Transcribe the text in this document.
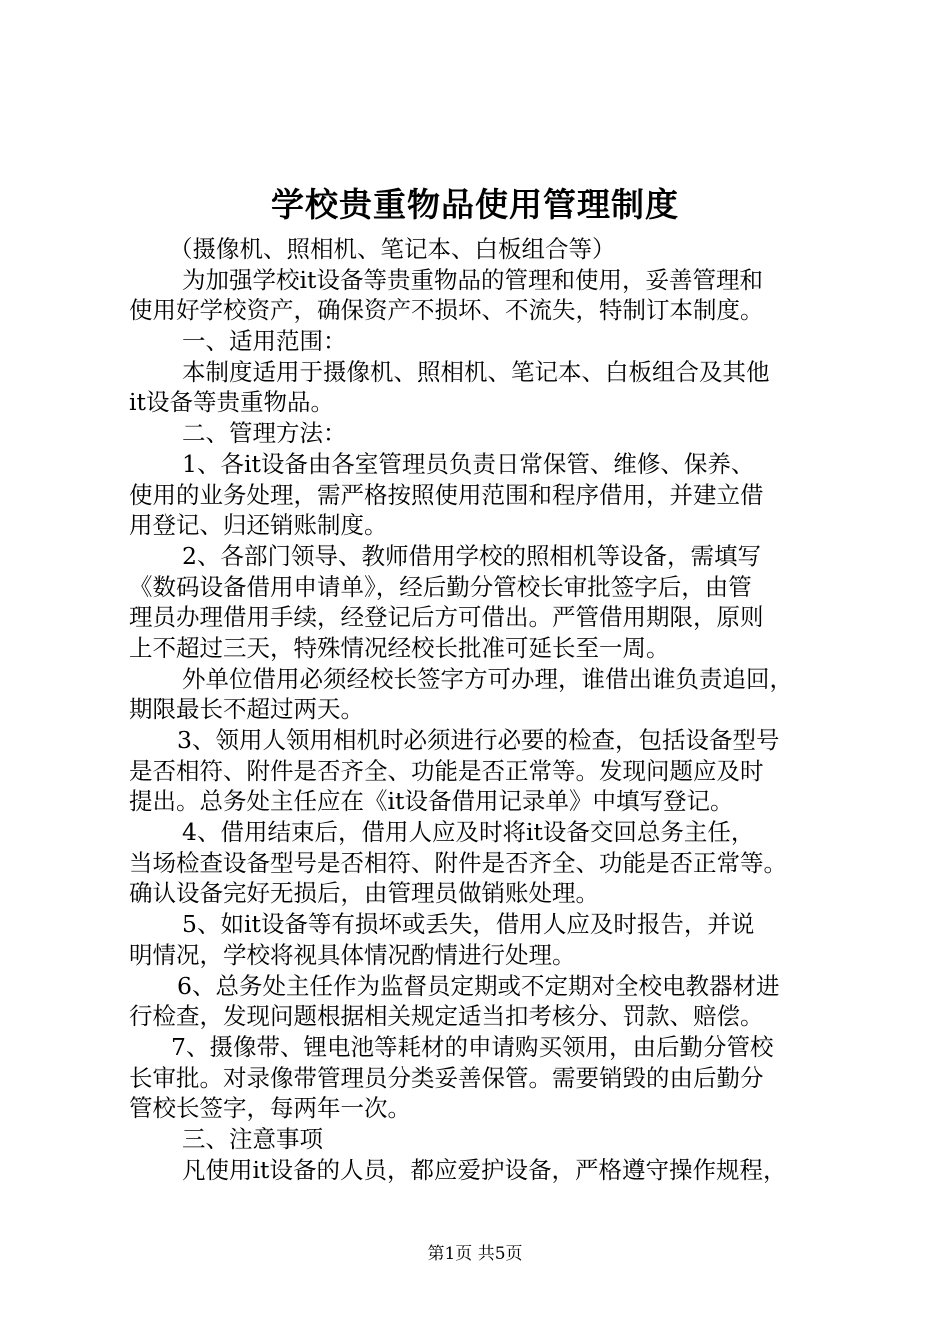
学校贵重物品使用管理制度
（摄像机、照相机、笔记本、白板组合等）
为加强学校it设备等贵重物品的管理和使用，妥善管理和
使用好学校资产，确保资产不损坏、不流失，特制订本制度。
一、适用范围：
本制度适用于摄像机、照相机、笔记本、白板组合及其他
it设备等贵重物品。
二、管理方法：
1、各it设备由各室管理员负责日常保管、维修、保养、
使用的业务处理，需严格按照使用范围和程序借用，并建立借
用登记、归还销账制度。
2、各部门领导、教师借用学校的照相机等设备，需填写
《数码设备借用申请单》，经后勤分管校长审批签字后，由管
理员办理借用手续，经登记后方可借出。严管借用期限，原则
上不超过三天，特殊情况经校长批准可延长至一周。
外单位借用必须经校长签字方可办理，谁借出谁负责追回，
期限最长不超过两天。
3、领用人领用相机时必须进行必要的检查，包括设备型号
是否相符、附件是否齐全、功能是否正常等。发现问题应及时
提出。总务处主任应在《it设备借用记录单》中填写登记。
4、借用结束后，借用人应及时将it设备交回总务主任，
当场检查设备型号是否相符、附件是否齐全、功能是否正常等。
确认设备完好无损后，由管理员做销账处理。
5、如it设备等有损坏或丢失，借用人应及时报告，并说
明情况，学校将视具体情况酌情进行处理。
6、总务处主任作为监督员定期或不定期对全校电教器材进
行检查，发现问题根据相关规定适当扣考核分、罚款、赔偿。
7、摄像带、锂电池等耗材的申请购买领用，由后勤分管校
长审批。对录像带管理员分类妥善保管。需要销毁的由后勤分
管校长签字，每两年一次。
三、注意事项
凡使用it设备的人员，都应爱护设备，严格遵守操作规程，
第1页 共5页
